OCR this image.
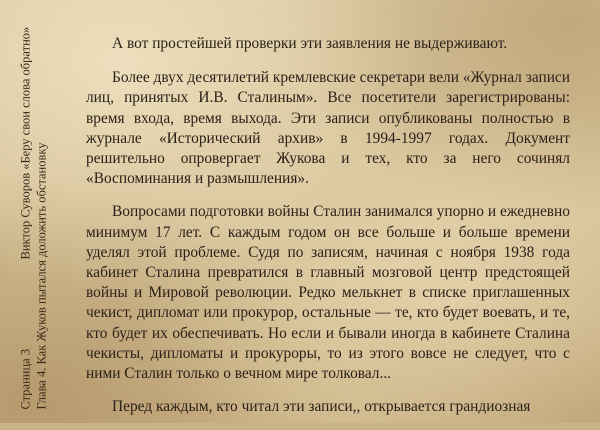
Страница 3Виктор Суворов «Беру свои слова обратно» Глава 4. Как Жуков пытался доложить обстановку

А вот простейшей проверки эти заявления не выдерживают.

Более двух десятилетий кремлевские секретари вели «Журнал записи лиц, принятых И.В. Сталиным». Все посетители зарегистрированы: время входа, время выхода. Эти записи опубликованы полностью в журнале «Исторический архив» в 1994-1997 годах. Документ решительно опровергает Жукова и тех, кто за него сочинял «Воспоминания и размышления».

Вопросами подготовки войны Сталин занимался упорно и ежедневно минимум 17 лет. С каждым годом он все больше и больше времени уделял этой проблеме. Судя по записям, начиная с ноября 1938 года кабинет Сталина превратился в главный мозговой центр предстоящей войны и Мировой революции. Редко мелькнет в списке приглашенных чекист, дипломат или прокурор, остальные — те, кто будет воевать, и те, кто будет их обеспечивать. Но если и бывали иногда в кабинете Сталина чекисты, дипломаты и прокуроры, то из этого вовсе не следует, что с ними Сталин только о вечном мире толковал...

Перед каждым, кто читал эти записи,, открывается грандиозная
